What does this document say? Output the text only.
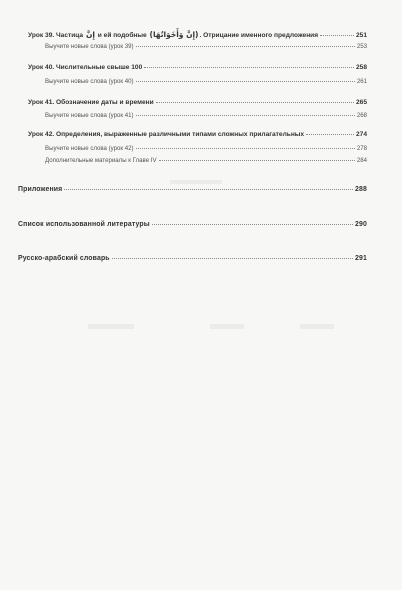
Урок 39. Частица إِنَّ и ей подобные (إِنَّ وَأَخَوَاتُهَا). Отрицание именного предложения	251
Выучите новые слова (урок 39)	253
Урок 40. Числительные свыше 100	258
Выучите новые слова (урок 40)	261
Урок 41. Обозначение даты и времени	265
Выучите новые слова (урок 41)	268
Урок 42. Определения, выраженные различными типами сложных прилагательных	274
Выучите новые слова (урок 42)	278
Дополнительные материалы к Главе IV	284
Приложения	288
Список использованной литературы	290
Русско-арабский словарь	291
